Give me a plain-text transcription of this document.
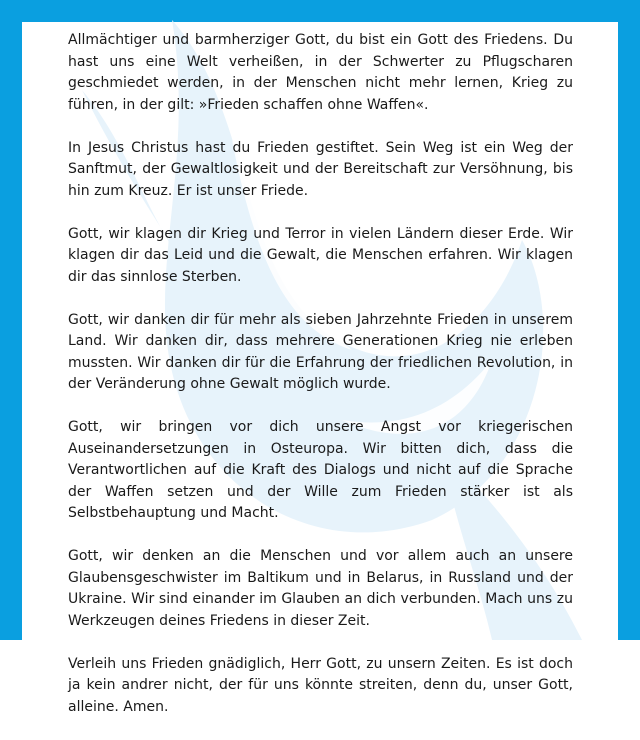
Allmächtiger und barmherziger Gott, du bist ein Gott des Friedens. Du hast uns eine Welt verheißen, in der Schwerter zu Pflugscharen geschmiedet werden, in der Menschen nicht mehr lernen, Krieg zu führen, in der gilt: »Frieden schaffen ohne Waffen«.

In Jesus Christus hast du Frieden gestiftet. Sein Weg ist ein Weg der Sanftmut, der Gewaltlosigkeit und der Bereitschaft zur Versöhnung, bis hin zum Kreuz. Er ist unser Friede.

Gott, wir klagen dir Krieg und Terror in vielen Ländern dieser Erde. Wir klagen dir das Leid und die Gewalt, die Menschen erfahren. Wir klagen dir das sinnlose Sterben.

Gott, wir danken dir für mehr als sieben Jahrzehnte Frieden in unserem Land. Wir danken dir, dass mehrere Generationen Krieg nie erleben mussten. Wir danken dir für die Erfahrung der friedlichen Revolution, in der Veränderung ohne Gewalt möglich wurde.

Gott, wir bringen vor dich unsere Angst vor kriegerischen Auseinandersetzungen in Osteuropa. Wir bitten dich, dass die Verantwortlichen auf die Kraft des Dialogs und nicht auf die Sprache der Waffen setzen und der Wille zum Frieden stärker ist als Selbstbehauptung und Macht.

Gott, wir denken an die Menschen und vor allem auch an unsere Glaubensgeschwister im Baltikum und in Belarus, in Russland und der Ukraine. Wir sind einander im Glauben an dich verbunden. Mach uns zu Werkzeugen deines Friedens in dieser Zeit.

Verleih uns Frieden gnädiglich, Herr Gott, zu unsern Zeiten. Es ist doch ja kein andrer nicht, der für uns könnte streiten, denn du, unser Gott, alleine. Amen.
